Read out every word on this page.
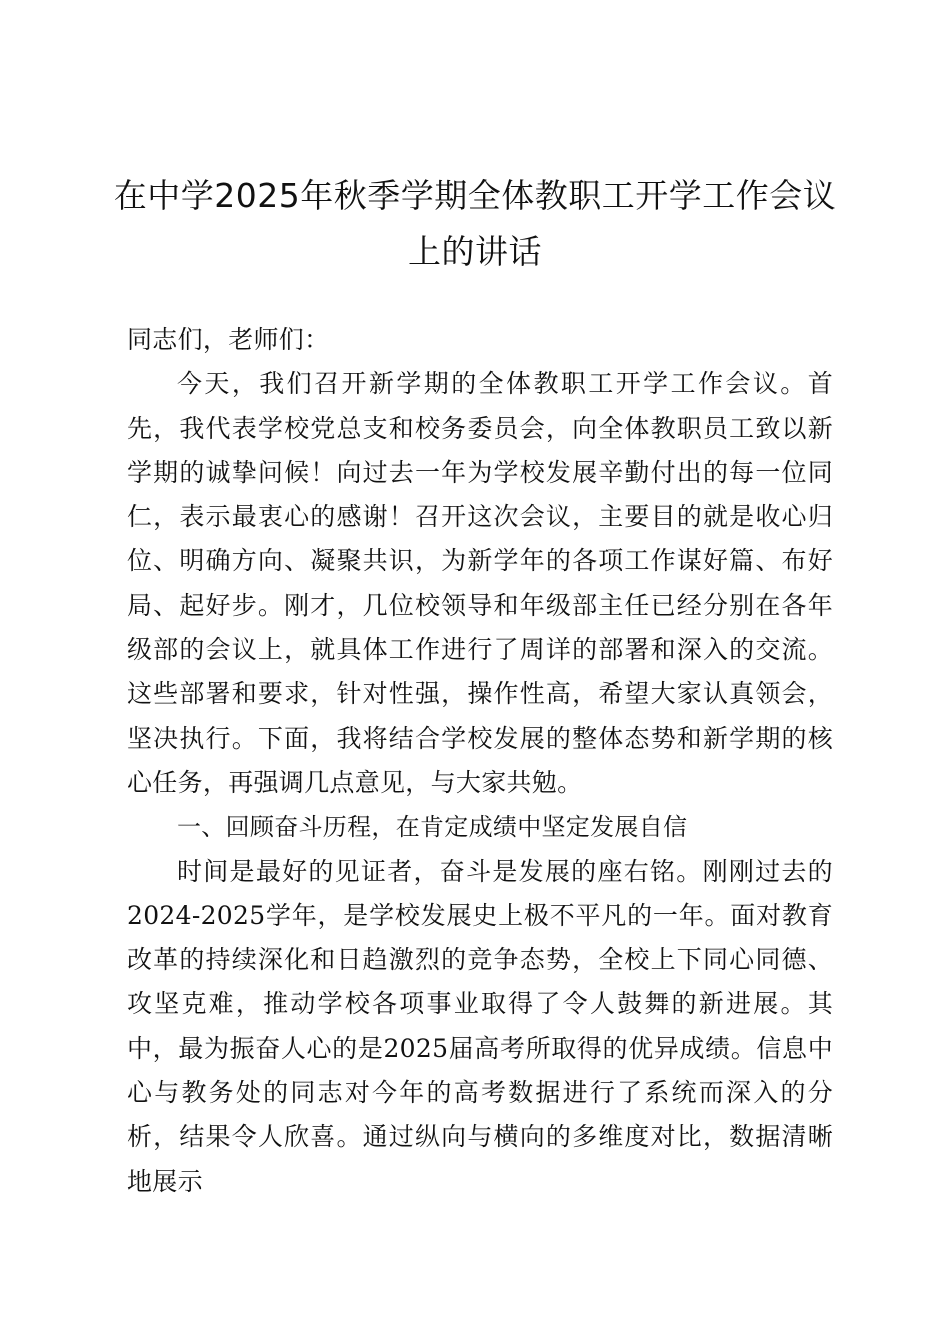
在中学2025年秋季学期全体教职工开学工作会议上的讲话

同志们，老师们：

今天，我们召开新学期的全体教职工开学工作会议。首先，我代表学校党总支和校务委员会，向全体教职员工致以新学期的诚挚问候！向过去一年为学校发展辛勤付出的每一位同仁，表示最衷心的感谢！召开这次会议，主要目的就是收心归位、明确方向、凝聚共识，为新学年的各项工作谋好篇、布好局、起好步。刚才，几位校领导和年级部主任已经分别在各年级部的会议上，就具体工作进行了周详的部署和深入的交流。这些部署和要求，针对性强，操作性高，希望大家认真领会，坚决执行。下面，我将结合学校发展的整体态势和新学期的核心任务，再强调几点意见，与大家共勉。

一、回顾奋斗历程，在肯定成绩中坚定发展自信

时间是最好的见证者，奋斗是发展的座右铭。刚刚过去的2024-2025学年，是学校发展史上极不平凡的一年。面对教育改革的持续深化和日趋激烈的竞争态势，全校上下同心同德、攻坚克难，推动学校各项事业取得了令人鼓舞的新进展。其中，最为振奋人心的是2025届高考所取得的优异成绩。信息中心与教务处的同志对今年的高考数据进行了系统而深入的分析，结果令人欣喜。通过纵向与横向的多维度对比，数据清晰地展示
